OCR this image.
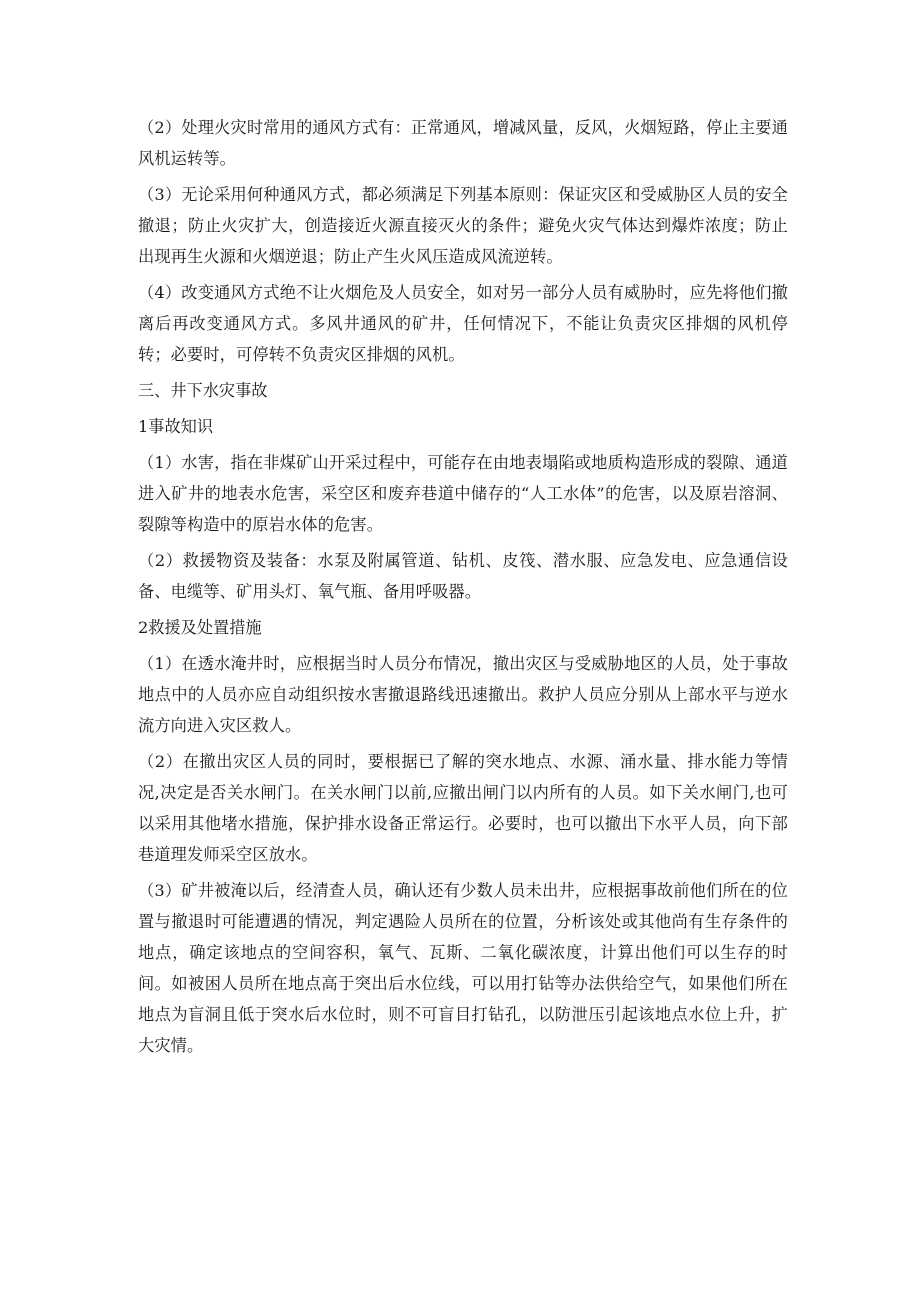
（2）处理火灾时常用的通风方式有：正常通风，增减风量，反风，火烟短路，停止主要通风机运转等。

（3）无论采用何种通风方式，都必须满足下列基本原则：保证灾区和受威胁区人员的安全撤退；防止火灾扩大，创造接近火源直接灭火的条件；避免火灾气体达到爆炸浓度；防止出现再生火源和火烟逆退；防止产生火风压造成风流逆转。

（4）改变通风方式绝不让火烟危及人员安全，如对另一部分人员有威胁时，应先将他们撤离后再改变通风方式。多风井通风的矿井，任何情况下，不能让负责灾区排烟的风机停转；必要时，可停转不负责灾区排烟的风机。

三、井下水灾事故

1事故知识

（1）水害，指在非煤矿山开采过程中，可能存在由地表塌陷或地质构造形成的裂隙、通道进入矿井的地表水危害，采空区和废弃巷道中储存的“人工水体”的危害，以及原岩溶洞、裂隙等构造中的原岩水体的危害。

（2）救援物资及装备：水泵及附属管道、钻机、皮筏、潜水服、应急发电、应急通信设备、电缆等、矿用头灯、氧气瓶、备用呼吸器。

2救援及处置措施

（1）在透水淹井时，应根据当时人员分布情况，撤出灾区与受威胁地区的人员，处于事故地点中的人员亦应自动组织按水害撤退路线迅速撤出。救护人员应分别从上部水平与逆水流方向进入灾区救人。

（2）在撤出灾区人员的同时，要根据已了解的突水地点、水源、涌水量、排水能力等情况,决定是否关水闸门。在关水闸门以前,应撤出闸门以内所有的人员。如下关水闸门,也可以采用其他堵水措施，保护排水设备正常运行。必要时，也可以撤出下水平人员，向下部巷道理发师采空区放水。

（3）矿井被淹以后，经清查人员，确认还有少数人员未出井，应根据事故前他们所在的位置与撤退时可能遭遇的情况，判定遇险人员所在的位置，分析该处或其他尚有生存条件的地点，确定该地点的空间容积，氧气、瓦斯、二氧化碳浓度，计算出他们可以生存的时间。如被困人员所在地点高于突出后水位线，可以用打钻等办法供给空气，如果他们所在地点为盲洞且低于突水后水位时，则不可盲目打钻孔，以防泄压引起该地点水位上升，扩大灾情。
